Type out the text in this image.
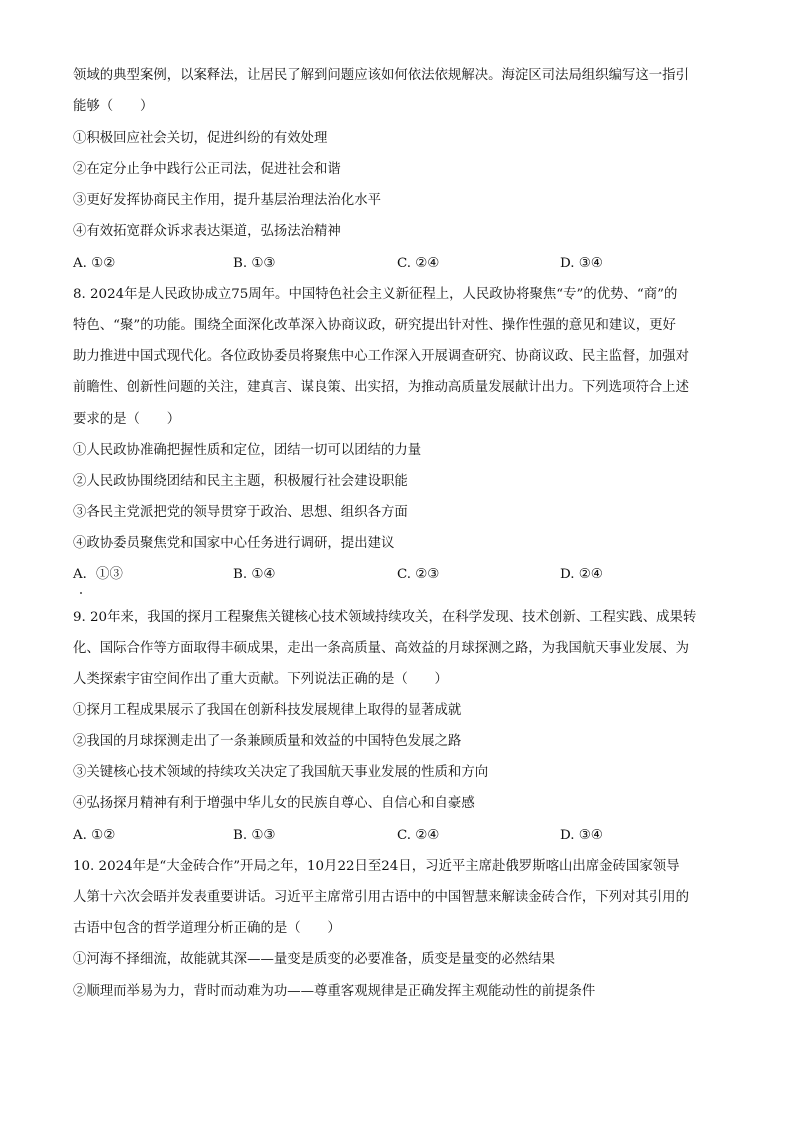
领域的典型案例，以案释法，让居民了解到问题应该如何依法依规解决。海淀区司法局组织编写这一指引
能够（　　）
①积极回应社会关切，促进纠纷的有效处理
②在定分止争中践行公正司法，促进社会和谐
③更好发挥协商民主作用，提升基层治理法治化水平
④有效拓宽群众诉求表达渠道，弘扬法治精神
A. ①②	B. ①③	C. ②④	D. ③④
8. 2024年是人民政协成立75周年。中国特色社会主义新征程上，人民政协将聚焦“专”的优势、“商”的
特色、“聚”的功能。围绕全面深化改革深入协商议政，研究提出针对性、操作性强的意见和建议，更好
助力推进中国式现代化。各位政协委员将聚焦中心工作深入开展调查研究、协商议政、民主监督，加强对
前瞻性、创新性问题的关注，建真言、谋良策、出实招，为推动高质量发展献计出力。下列选项符合上述
要求的是（　　）
①人民政协准确把握性质和定位，团结一切可以团结的力量
②人民政协围绕团结和民主主题，积极履行社会建设职能
③各民主党派把党的领导贯穿于政治、思想、组织各方面
④政协委员聚焦党和国家中心任务进行调研，提出建议
A．①③	B. ①④	C. ②③	D. ②④
9. 20年来，我国的探月工程聚焦关键核心技术领域持续攻关，在科学发现、技术创新、工程实践、成果转
化、国际合作等方面取得丰硕成果，走出一条高质量、高效益的月球探测之路，为我国航天事业发展、为
人类探索宇宙空间作出了重大贡献。下列说法正确的是（　　）
①探月工程成果展示了我国在创新科技发展规律上取得的显著成就
②我国的月球探测走出了一条兼顾质量和效益的中国特色发展之路
③关键核心技术领域的持续攻关决定了我国航天事业发展的性质和方向
④弘扬探月精神有利于增强中华儿女的民族自尊心、自信心和自豪感
A. ①②	B. ①③	C. ②④	D. ③④
10. 2024年是“大金砖合作”开局之年，10月22日至24日，习近平主席赴俄罗斯喀山出席金砖国家领导
人第十六次会晤并发表重要讲话。习近平主席常引用古语中的中国智慧来解读金砖合作，下列对其引用的
古语中包含的哲学道理分析正确的是（　　）
①河海不择细流，故能就其深——量变是质变的必要准备，质变是量变的必然结果
②顺理而举易为力，背时而动难为功——尊重客观规律是正确发挥主观能动性的前提条件
